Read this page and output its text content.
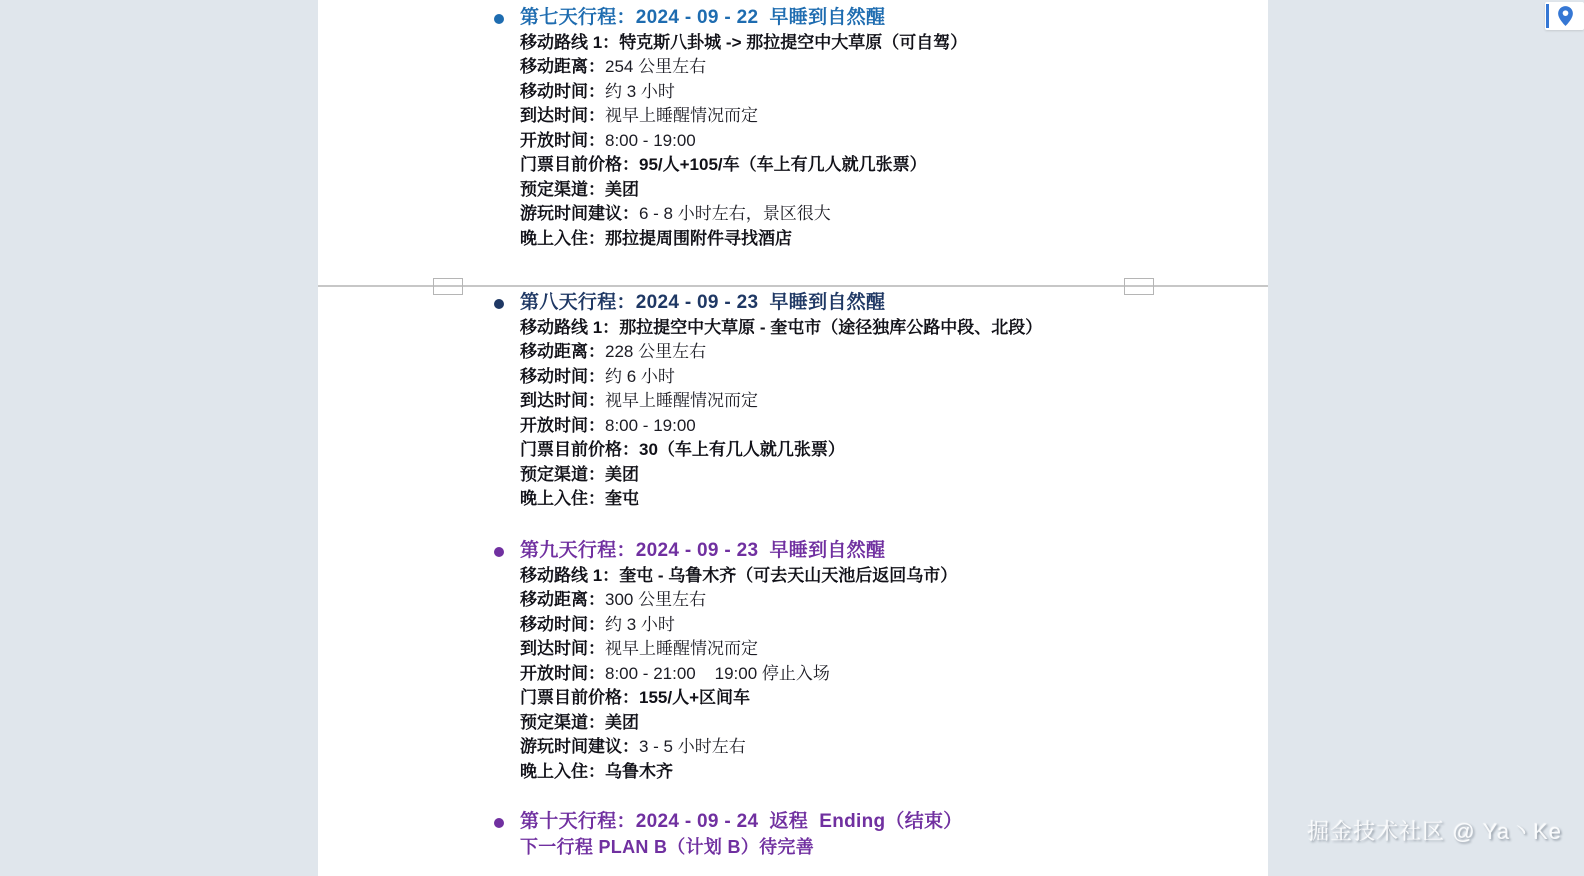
第七天行程：2024 - 09 - 22  早睡到自然醒
移动路线 1：特克斯八卦城 -> 那拉提空中大草原（可自驾）
移动距离：254 公里左右
移动时间：约 3 小时
到达时间：视早上睡醒情况而定
开放时间：8:00 - 19:00
门票目前价格：95/人+105/车（车上有几人就几张票）
预定渠道：美团
游玩时间建议：6 - 8 小时左右，景区很大
晚上入住：那拉提周围附件寻找酒店
第八天行程：2024 - 09 - 23  早睡到自然醒
移动路线 1：那拉提空中大草原 - 奎屯市（途径独库公路中段、北段）
移动距离：228 公里左右
移动时间：约 6 小时
到达时间：视早上睡醒情况而定
开放时间：8:00 - 19:00
门票目前价格：30（车上有几人就几张票）
预定渠道：美团
晚上入住：奎屯
第九天行程：2024 - 09 - 23  早睡到自然醒
移动路线 1：奎屯 - 乌鲁木齐（可去天山天池后返回乌市）
移动距离：300 公里左右
移动时间：约 3 小时
到达时间：视早上睡醒情况而定
开放时间：8:00 - 21:00    19:00 停止入场
门票目前价格：155/人+区间车
预定渠道：美团
游玩时间建议：3 - 5 小时左右
晚上入住：乌鲁木齐
第十天行程：2024 - 09 - 24  返程  Ending（结束）
下一行程 PLAN B（计划 B）待完善
掘金技术社区 @ Ya丶Ke
